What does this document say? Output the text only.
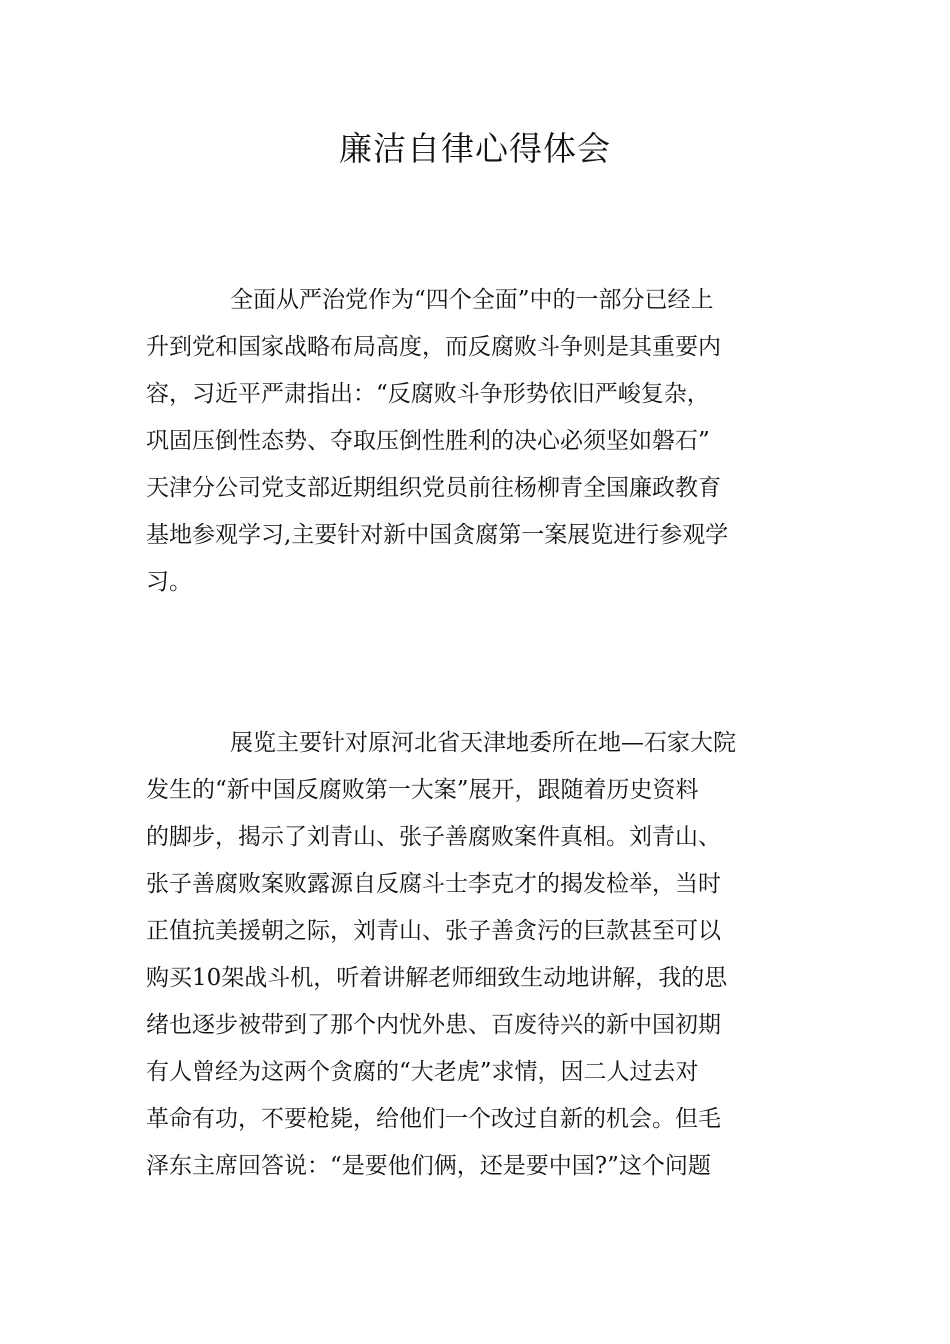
廉洁自律心得体会
全面从严治党作为“四个全面”中的一部分已经上
升到党和国家战略布局高度，而反腐败斗争则是其重要内
容，习近平严肃指出：“反腐败斗争形势依旧严峻复杂，
巩固压倒性态势、夺取压倒性胜利的决心必须坚如磐石”
天津分公司党支部近期组织党员前往杨柳青全国廉政教育
基地参观学习,主要针对新中国贪腐第一案展览进行参观学
习。
展览主要针对原河北省天津地委所在地—石家大院
发生的“新中国反腐败第一大案”展开，跟随着历史资料
的脚步，揭示了刘青山、张子善腐败案件真相。刘青山、
张子善腐败案败露源自反腐斗士李克才的揭发检举，当时
正值抗美援朝之际，刘青山、张子善贪污的巨款甚至可以
购买10架战斗机，听着讲解老师细致生动地讲解，我的思
绪也逐步被带到了那个内忧外患、百废待兴的新中国初期
有人曾经为这两个贪腐的“大老虎”求情，因二人过去对
革命有功，不要枪毙，给他们一个改过自新的机会。但毛
泽东主席回答说：“是要他们俩，还是要中国?”这个问题
